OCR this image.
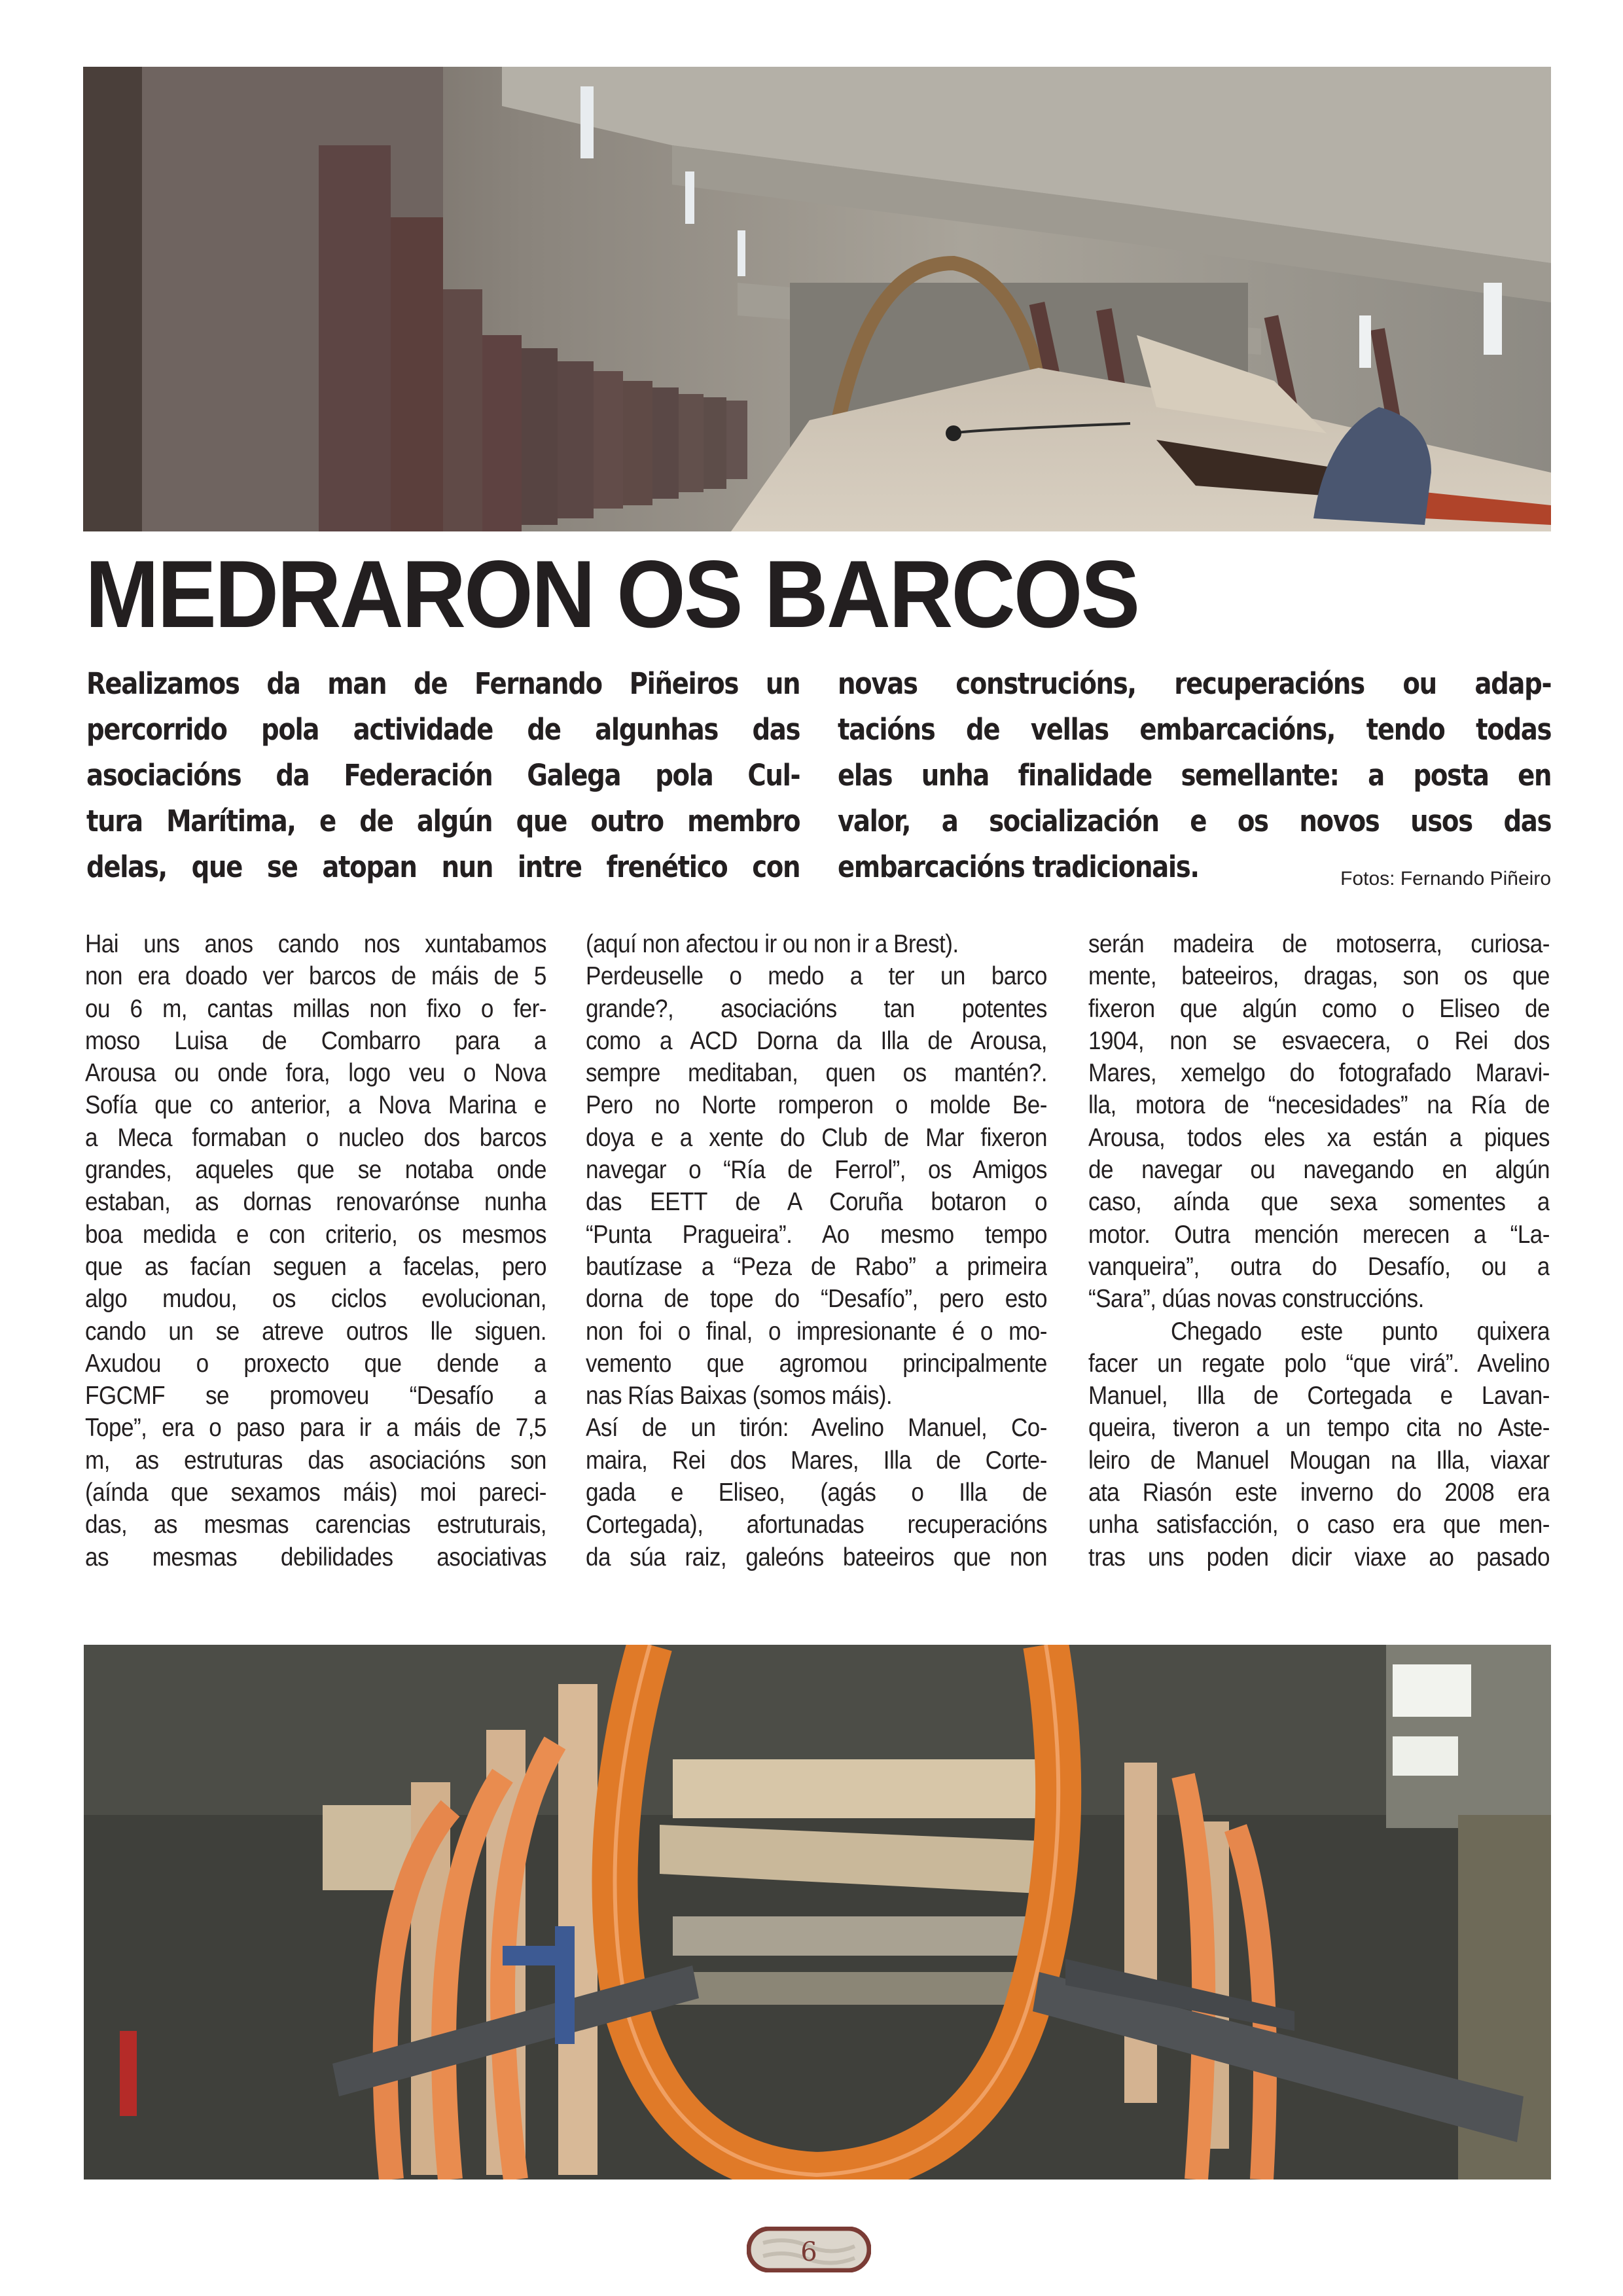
MEDRARON OS BARCOS
Realizamos da man de Fernando Piñeiros un
percorrido pola actividade de algunhas das
asociacións da Federación Galega pola Cul-
tura Marítima, e de algún que outro membro
delas, que se atopan nun intre frenético con
novas construcións, recuperacións ou adap-
tacións de vellas embarcacións, tendo todas
elas unha finalidade semellante: a posta en
valor, a socialización e os novos usos das
embarcacións tradicionais.	Fotos: Fernando Piñeiro
Hai uns anos cando nos xuntabamos
non era doado ver barcos de máis de 5
ou 6 m, cantas millas non fixo o fer-
moso Luisa de Combarro para a
Arousa ou onde fora, logo veu o Nova
Sofía que co anterior, a Nova Marina e
a Meca formaban o nucleo dos barcos
grandes, aqueles que se notaba onde
estaban, as dornas renovarónse nunha
boa medida e con criterio, os mesmos
que as facían seguen a facelas, pero
algo mudou, os ciclos evolucionan,
cando un se atreve outros lle siguen.
Axudou o proxecto que dende a
FGCMF se promoveu “Desafío a
Tope”, era o paso para ir a máis de 7,5
m, as estruturas das asociacións son
(aínda que sexamos máis) moi pareci-
das, as mesmas carencias estruturais,
as mesmas debilidades asociativas
(aquí non afectou ir ou non ir a Brest).
Perdeuselle o medo a ter un barco
grande?, asociacións tan potentes
como a ACD Dorna da Illa de Arousa,
sempre meditaban, quen os mantén?.
Pero no Norte romperon o molde Be-
doya e a xente do Club de Mar fixeron
navegar o “Ría de Ferrol”, os Amigos
das EETT de A Coruña botaron o
“Punta Pragueira”. Ao mesmo tempo
bautízase a “Peza de Rabo” a primeira
dorna de tope do “Desafío”, pero esto
non foi o final, o impresionante é o mo-
vemento que agromou principalmente
nas Rías Baixas (somos máis).
Así de un tirón: Avelino Manuel, Co-
maira, Rei dos Mares, Illa de Corte-
gada e Eliseo, (agás o Illa de
Cortegada), afortunadas recuperacións
da súa raiz, galeóns bateeiros que non
serán madeira de motoserra, curiosa-
mente, bateeiros, dragas, son os que
fixeron que algún como o Eliseo de
1904, non se esvaecera, o Rei dos
Mares, xemelgo do fotografado Maravi-
lla, motora de “necesidades” na Ría de
Arousa, todos eles xa están a piques
de navegar ou navegando en algún
caso, aínda que sexa somentes a
motor. Outra mención merecen a “La-
vanqueira”, outra do Desafío, ou a
“Sara”, dúas novas construccións.
Chegado este punto quixera
facer un regate polo “que virá”. Avelino
Manuel, Illa de Cortegada e Lavan-
queira, tiveron a un tempo cita no Aste-
leiro de Manuel Mougan na Illa, viaxar
ata Riasón este inverno do 2008 era
unha satisfacción, o caso era que men-
tras uns poden dicir viaxe ao pasado
6
